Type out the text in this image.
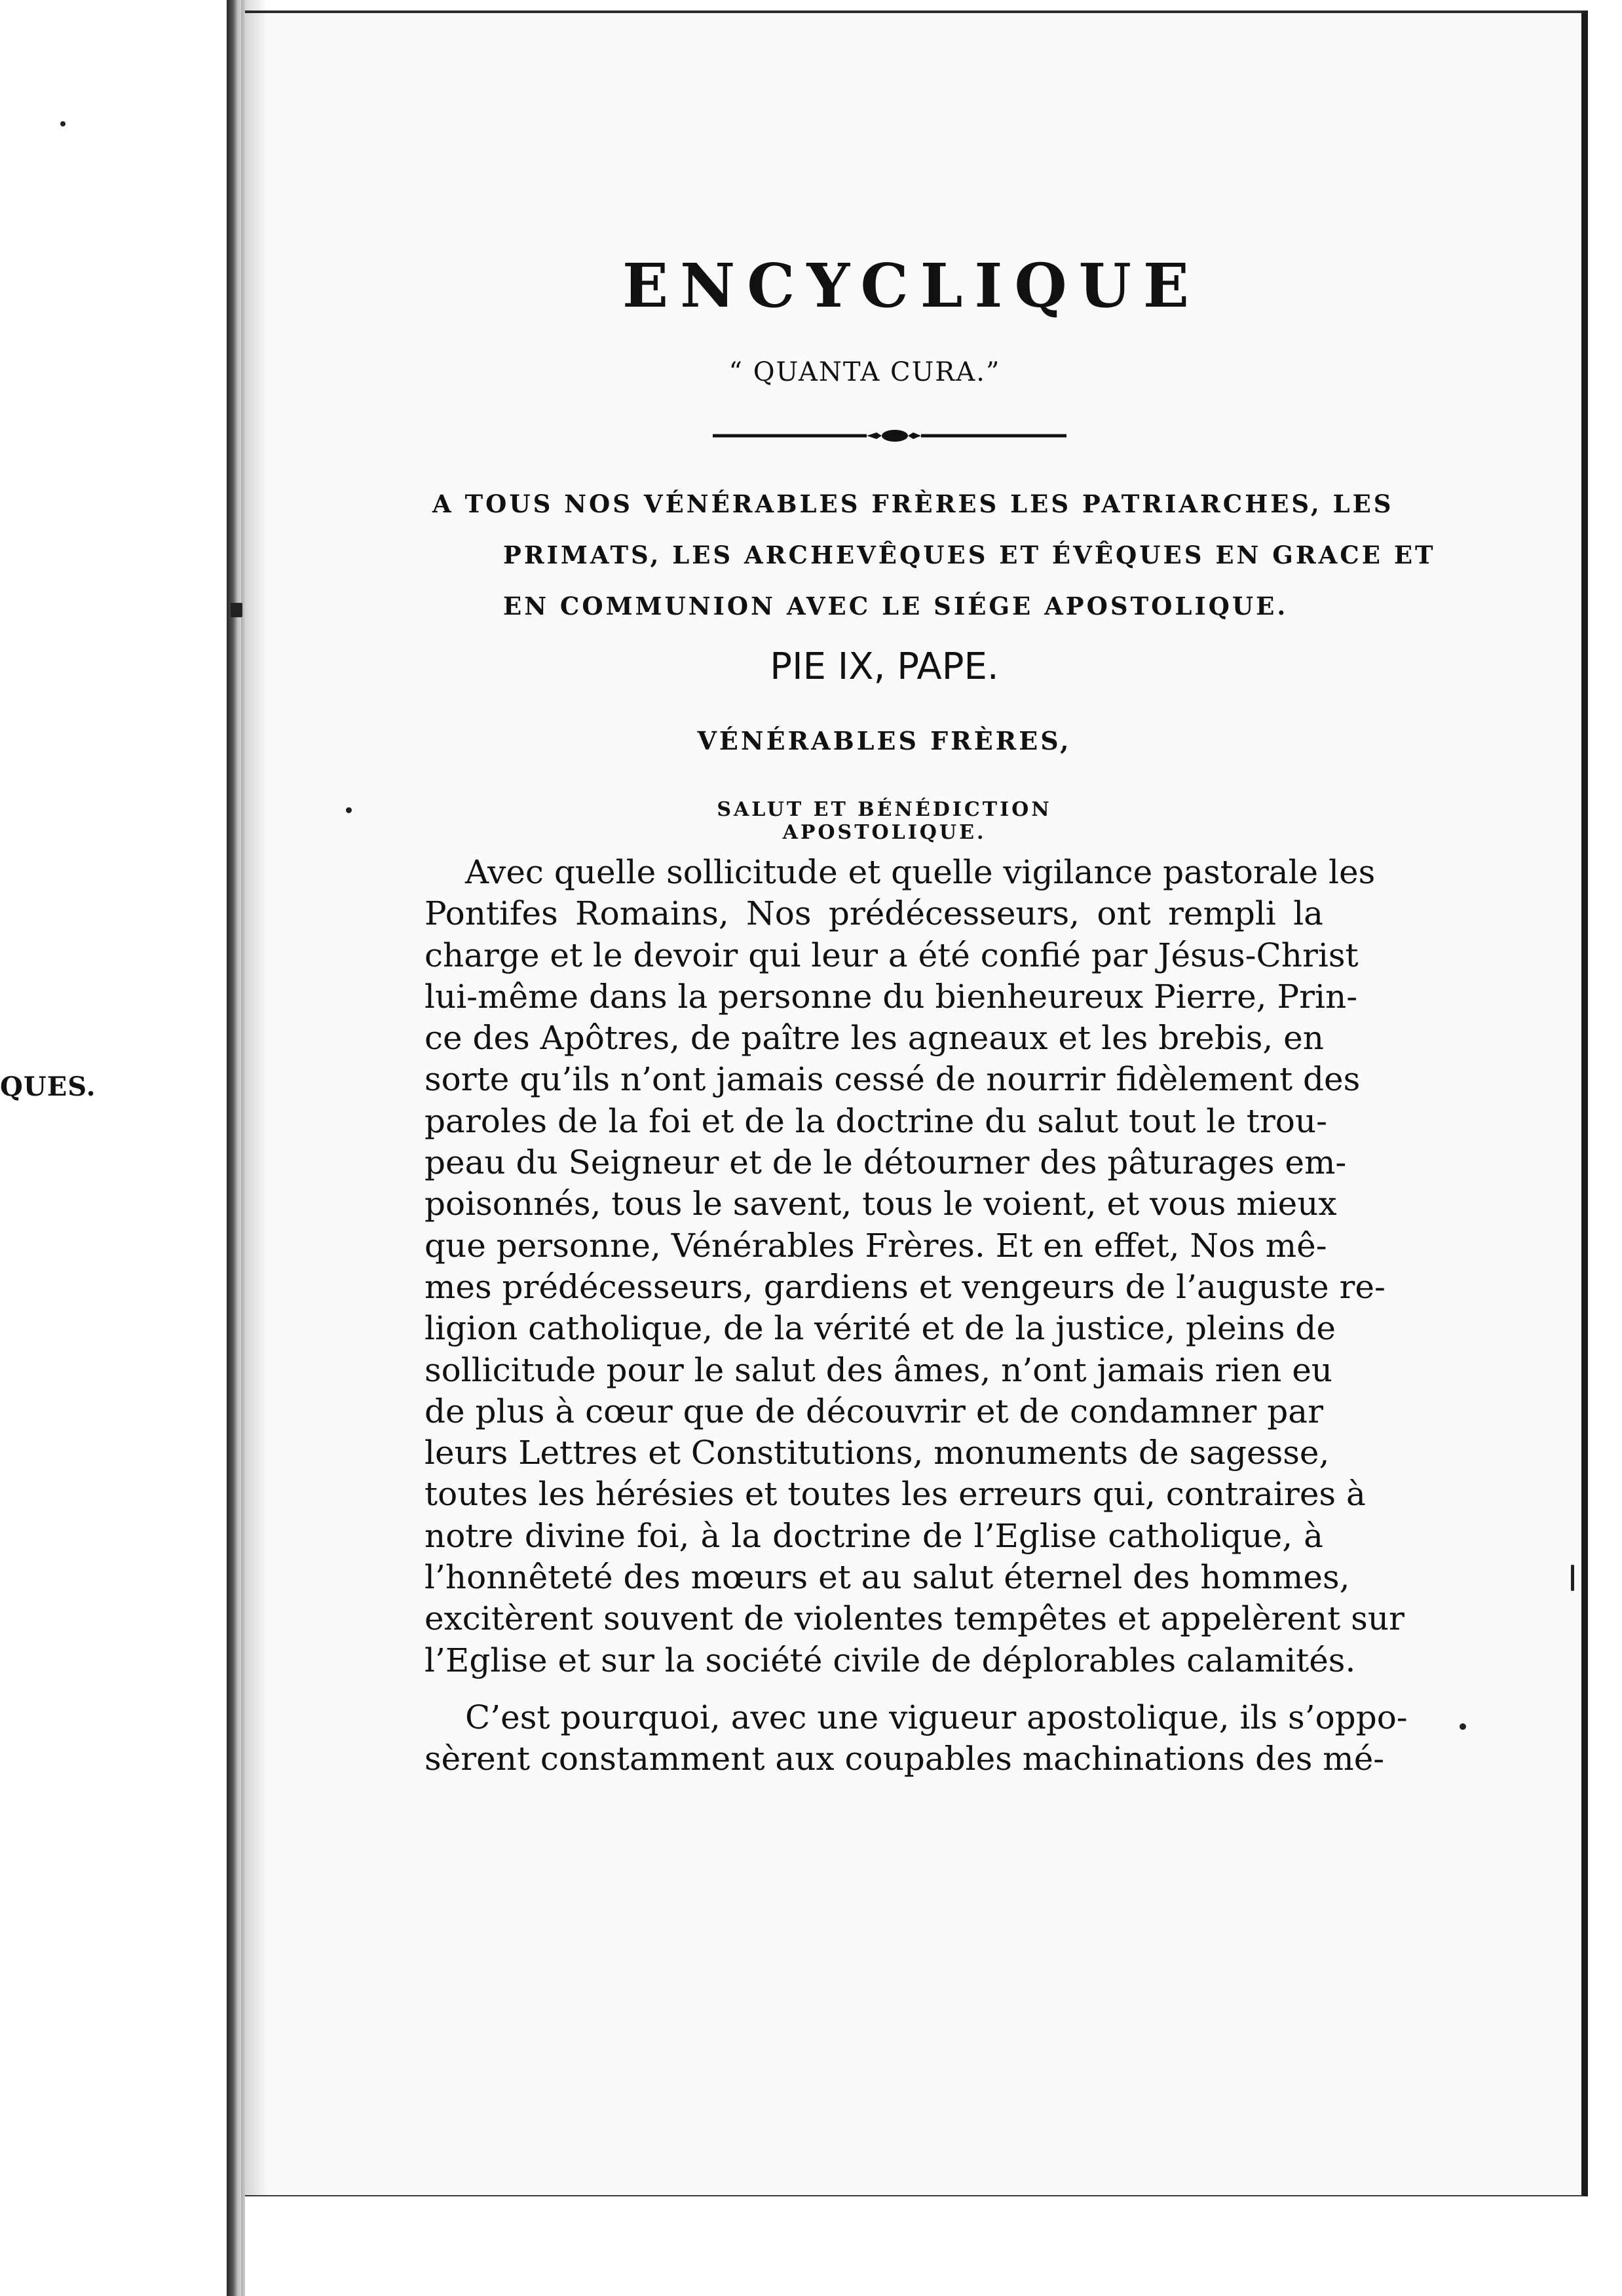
QUES.
ENCYCLIQUE
“ QUANTA CURA.”
A TOUS NOS VÉNÉRABLES FRÈRES LES PATRIARCHES, LES
PRIMATS, LES ARCHEVÊQUES ET ÉVÊQUES EN GRACE ET
EN COMMUNION AVEC LE SIÉGE APOSTOLIQUE.
PIE IX, PAPE.
VÉNÉRABLES FRÈRES,
SALUT ET BÉNÉDICTION APOSTOLIQUE.

Avec quelle sollicitude et quelle vigilance pastorale les
Pontifes Romains, Nos prédécesseurs, ont rempli la
charge et le devoir qui leur a été confié par Jésus-Christ
lui-même dans la personne du bienheureux Pierre, Prin-
ce des Apôtres, de paître les agneaux et les brebis, en
sorte qu’ils n’ont jamais cessé de nourrir fidèlement des
paroles de la foi et de la doctrine du salut tout le trou-
peau du Seigneur et de le détourner des pâturages em-
poisonnés, tous le savent, tous le voient, et vous mieux
que personne, Vénérables Frères. Et en effet, Nos mê-
mes prédécesseurs, gardiens et vengeurs de l’auguste re-
ligion catholique, de la vérité et de la justice, pleins de
sollicitude pour le salut des âmes, n’ont jamais rien eu
de plus à cœur que de découvrir et de condamner par
leurs Lettres et Constitutions, monuments de sagesse,
toutes les hérésies et toutes les erreurs qui, contraires à
notre divine foi, à la doctrine de l’Eglise catholique, à
l’honnêteté des mœurs et au salut éternel des hommes,
excitèrent souvent de violentes tempêtes et appelèrent sur
l’Eglise et sur la société civile de déplorables calamités.

C’est pourquoi, avec une vigueur apostolique, ils s’oppo-
sèrent constamment aux coupables machinations des mé-
